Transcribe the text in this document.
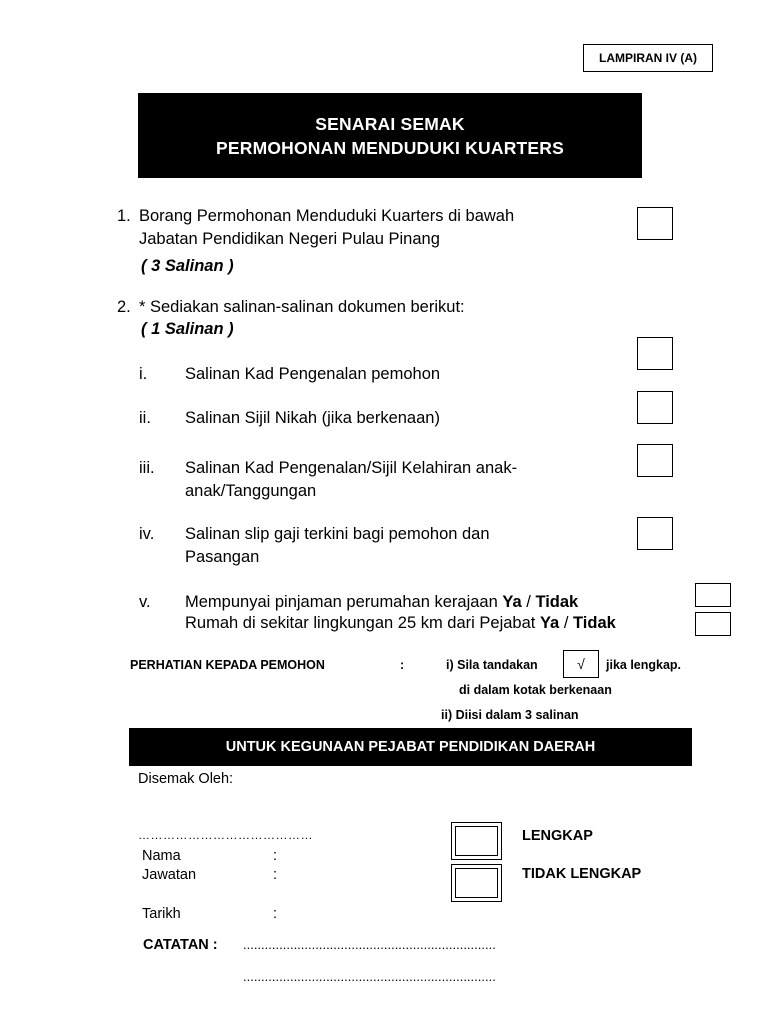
LAMPIRAN IV (A)
SENARAI SEMAK
PERMOHONAN MENDUDUKI KUARTERS
1. Borang Permohonan Menduduki Kuarters di bawah
Jabatan Pendidikan Negeri Pulau Pinang
( 3 Salinan )
2. * Sediakan salinan-salinan dokumen berikut:
( 1 Salinan )
i. Salinan Kad Pengenalan pemohon
ii. Salinan Sijil Nikah (jika berkenaan)
iii. Salinan Kad Pengenalan/Sijil Kelahiran anak-
anak/Tanggungan
iv. Salinan slip gaji terkini bagi pemohon dan
Pasangan
v. Mempunyai pinjaman perumahan kerajaan Ya / Tidak
Rumah di sekitar lingkungan 25 km dari Pejabat Ya / Tidak
PERHATIAN KEPADA PEMOHON	:	i) Sila tandakan	√ jika lengkap.
di dalam kotak berkenaan
ii) Diisi dalam 3 salinan
UNTUK KEGUNAAN PEJABAT PENDIDIKAN DAERAH
Disemak Oleh:
……………………………………
Nama	:
Jawatan	:
Tarikh	:
LENGKAP
TIDAK LENGKAP
CATATAN : ......................................................................
......................................................................
